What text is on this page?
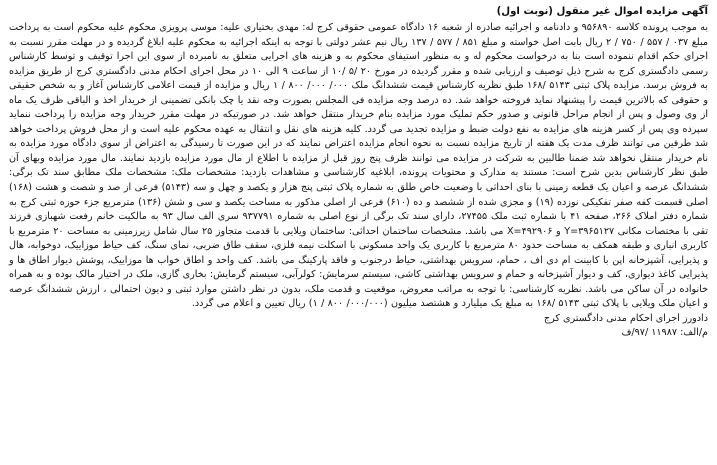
آگهی مزایده اموال غیر منقول (نوبت اول)

به موجب پرونده کلاسه ۹۵۶۸۹۰ و دادنامه و اجرائیه صادره از شعبه ۱۶ دادگاه عمومی حقوقی کرج له: مهدی بختیاری علیه: موسی پرویزی محکوم علیه محکوم است به پرداخت مبلغ ۰۳۷ / ۵۵۷ / ۷۵۰ / ۲ ریال بابت اصل خواسته و مبلغ ۸۵۱ / ۵۷۷ / ۱۳۷ ریال نیم عشر دولتی با توجه به اینکه اجرائیه به محکوم علیه ابلاغ گردیده و در مهلت مقرر نسبت به اجرای حکم اقدام ننموده است بنا به درخواست محکوم له و به منظور استیفای محکوم به و هزینه های اجرایی متعلق به نامبرده از سوی این اجرا توقیف و توسط کارشناس رسمی دادگستری کرج به شرح ذیل توصیف و ارزیابی شده و مقرر گردیده در مورخ ۲۰ /۵ /۱۰ از ساعت ۹ الی ۱۰ در محل اجرای احکام مدنی دادگستری کرج از طریق مزایده به فروش برسد. مزایده پلاک ثبتی ۵۱۴۳ /۱۶۸ طبق نظریه کارشناس قیمت ششدانگ ملک ۰۰۰/ ۰۰۰/ ۸۰۰ / ۱ ریال و مزایده از قیمت اعلامی کارشناس آغاز و به شخص حقیقی و حقوقی که بالاترین قیمت را پیشنهاد نماید فروخته خواهد شد. ده درصد وجه مزایده فی المجلس بصورت وجه نقد یا چک بانکی تضمینی از خریدار اخذ و الباقی ظرف یک ماه از وی وصول و پس از انجام مراحل قانونی و صدور حکم تملیک مورد مزایده بنام خریدار منتقل خواهد شد. در صورتیکه در مهلت مقرر خریدار وجه مزایده را پرداخت ننماید سپرده وی پس از کسر هزینه های مزایده به نفع دولت ضبط و مزایده تجدید می گردد. کلیه هزینه های نقل و انتقال به عهده محکوم علیه است و از محل فروش پرداخت خواهد شد طرفین می توانند ظرف مدت یک هفته از تاریخ مزایده نسبت به نحوه انجام مزایده اعتراض نمایند که در این صورت تا رسیدگی به اعتراض از سوی دادگاه مورد مزایده به نام خریدار منتقل نخواهد شد ضمنا طالبین به شرکت در مزایده می توانند ظرف پنج روز قبل از مزایده با اطلاع از مال مورد مزایده بازدید نمایند. مال مورد مزایده وبهای آن طبق نظر کارشناس بدین شرح است: مستند به مدارک و محتویات پرونده، ابلاغیه کارشناسی و مشاهدات بازدید: مشخصات ملک: مشخصات ملک مطابق سند تک برگی: ششدانگ عرصه و اعیان یک قطعه زمینی با بنای احداثی با وضعیت خاص طلق به شماره پلاک ثبتی پنج هزار و یکصد و چهل و سه (۵۱۴۳) فرعی از صد و شصت و هشت (۱۶۸) اصلی قسمت کفه صفر تفکیکی نوزده (۱۹) و مجزی شده از ششصد و ده (۶۱۰) فرعی از اصلی مذکور به مساحت یکصد و سی و شش (۱۳۶) مترمربع جزء حوزه ثبتی کرج به شماره دفتر املاک ۲۶۶، صفحه ۴۱ با شماره ثبت ملک ۲۷۴۵۵، دارای سند تک برگی از نوع اصلی به شماره ۹۳۷۷۹۱ سری الف سال ۹۳ به مالکیت خانم رفعت شهبازی فرزند تقی با مختصات مکانی ۳۹۶۵۱۲۷=Y و ۴۹۲۹۰۶=X می باشد. مشخصات ساختمان احداثی: ساختمان ویلایی با قدمت متجاوز ۲۵ سال شامل زیرزمینی به مساحت ۲۰ مترمربع با کاربری انباری و طبقه همکف به مساحت حدود ۸۰ مترمربع با کاربری یک واحد مسکونی با اسکلت نیمه فلزی، سقف طاق ضربی، نمای سنگ، کف حیاط موزاییک، دوخوابه، هال و پذیرایی، آشپزخانه اپن با کابینت ام دی اف ، حمام، سرویس بهداشتی، حیاط درجنوب و فاقد پارکینگ می باشد. کف واحد و اطاق خواب ها موزاییک، پوشش دیوار اطاق ها و پذیرایی کاغذ دیواری، کف و دیوار آشپزخانه و حمام و سرویس بهداشتی کاشی، سیستم سرمایش: کولرآبی، سیستم گرمایش: بخاری گازی، ملک در اختیار مالک بوده و به همراه خانواده در آن ساکن می باشد. نظریه کارشناسی: با توجه به مراتب معروض، موقعیت و قدمت ملک، بدون در نظر داشتن موارد ثبتی و دیون احتمالی ، ارزش ششدانگ عرصه و اعیان ملک ویلایی با پلاک ثبتی ۵۱۴۳ /۱۶۸ به مبلغ یک میلیارد و هشتصد میلیون (۰۰۰/۰۰۰/ ۸۰۰ / ۱) ریال تعیین و اعلام می گردد.

دادورز اجرای احکام مدنی دادگستری کرج

م/الف: ۱۱۹۸۷ /۹۷/ف
